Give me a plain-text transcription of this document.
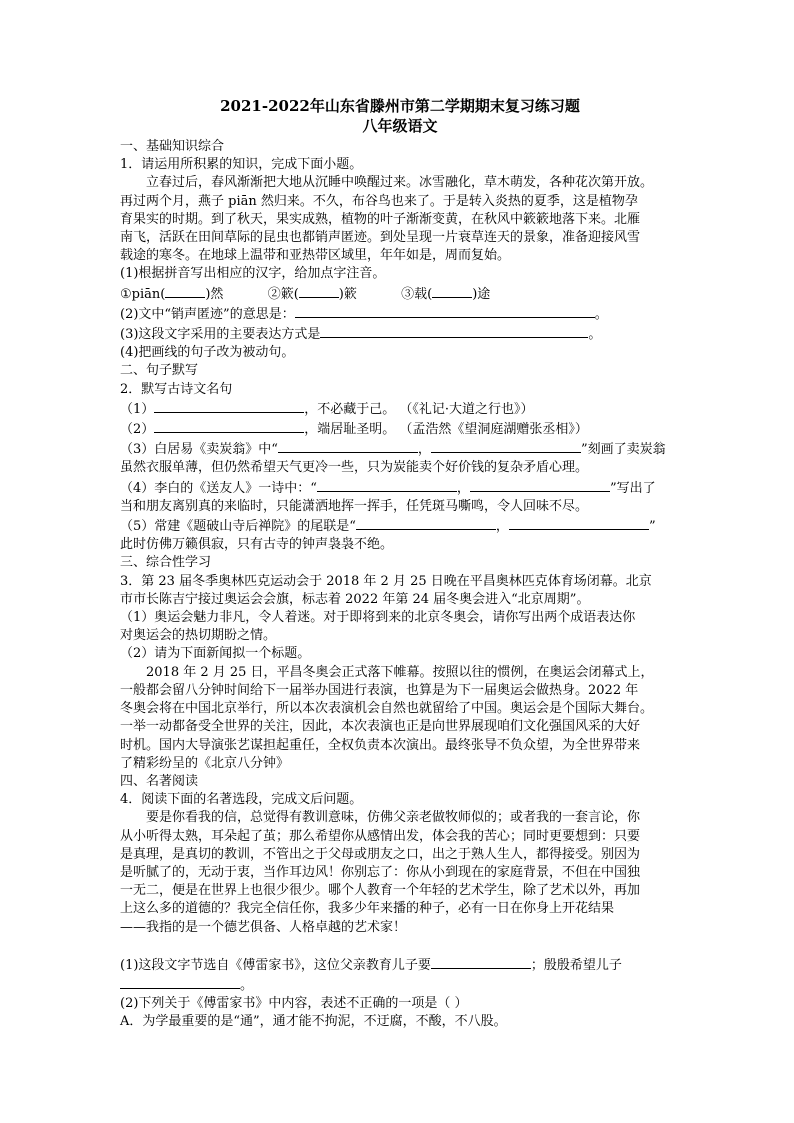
2021-2022年山东省滕州市第二学期期末复习练习题

八年级语文

一、基础知识综合

1．请运用所积累的知识，完成下面小题。

立春过后，春风渐渐把大地从沉睡中唤醒过来。冰雪融化，草木萌发，各种花次第开放。

再过两个月，燕子 piān 然归来。不久，布谷鸟也来了。于是转入炎热的夏季，这是植物孕

育果实的时期。到了秋天，果实成熟，植物的叶子渐渐变黄，在秋风中簌簌地落下来。北雁

南飞，活跃在田间草际的昆虫也都销声匿迹。到处呈现一片衰草连天的景象，准备迎接风雪

载途的寒冬。在地球上温带和亚热带区域里，年年如是，周而复始。

(1)根据拼音写出相应的汉字，给加点字注音。

①piān(	)然	②簌(	)簌	③载(	)途

(2)文中“销声匿迹”的意思是：	。

(3)这段文字采用的主要表达方式是	。

(4)把画线的句子改为被动句。

二、句子默写

2．默写古诗文名句

（1）	，不必藏于己。 （《礼记·大道之行也》）

（2）	，端居耻圣明。 （孟浩然《望洞庭湖赠张丞相》）

（3）白居易《卖炭翁》中“	，	”刻画了卖炭翁

虽然衣服单薄，但仍然希望天气更冷一些，只为炭能卖个好价钱的复杂矛盾心理。

（4）李白的《送友人》一诗中：“	，	”写出了

当和朋友离别真的来临时，只能潇洒地挥一挥手，任凭斑马嘶鸣，令人回味不尽。

（5）常建《题破山寺后禅院》的尾联是“	，	”

此时仿佛万籁俱寂，只有古寺的钟声袅袅不绝。

三、综合性学习

3．第 23 届冬季奥林匹克运动会于 2018 年 2 月 25 日晚在平昌奥林匹克体育场闭幕。北京

市市长陈吉宁接过奥运会会旗，标志着 2022 年第 24 届冬奥会进入“北京周期”。

（1）奥运会魅力非凡，令人着迷。对于即将到来的北京冬奥会，请你写出两个成语表达你

对奥运会的热切期盼之情。

（2）请为下面新闻拟一个标题。

2018 年 2 月 25 日，平昌冬奥会正式落下帷幕。按照以往的惯例，在奥运会闭幕式上，

一般都会留八分钟时间给下一届举办国进行表演，也算是为下一届奥运会做热身。2022 年

冬奥会将在中国北京举行，所以本次表演机会自然也就留给了中国。奥运会是个国际大舞台。

一举一动都备受全世界的关注，因此，本次表演也正是向世界展现咱们文化强国风采的大好

时机。国内大导演张艺谋担起重任，全权负责本次演出。最终张导不负众望，为全世界带来

了精彩纷呈的《北京八分钟》

四、名著阅读

4．阅读下面的名著选段，完成文后问题。

要是你看我的信，总觉得有教训意味，仿佛父亲老做牧师似的；或者我的一套言论，你

从小听得太熟，耳朵起了茧；那么希望你从感情出发，体会我的苦心；同时更要想到：只要

是真理，是真切的教训，不管出之于父母或朋友之口，出之于熟人生人，都得接受。别因为

是听腻了的，无动于衷，当作耳边风！你别忘了：你从小到现在的家庭背景，不但在中国独

一无二，便是在世界上也很少很少。哪个人教育一个年轻的艺术学生，除了艺术以外，再加

上这么多的道德的？我完全信任你，我多少年来播的种子，必有一日在你身上开花结果

——我指的是一个德艺俱备、人格卓越的艺术家！

(1)这段文字节选自《傅雷家书》，这位父亲教育儿子要	；殷殷希望儿子

。

(2)下列关于《傅雷家书》中内容，表述不正确的一项是（ ）

A．为学最重要的是“通”，通才能不拘泥，不迂腐，不酸，不八股。
